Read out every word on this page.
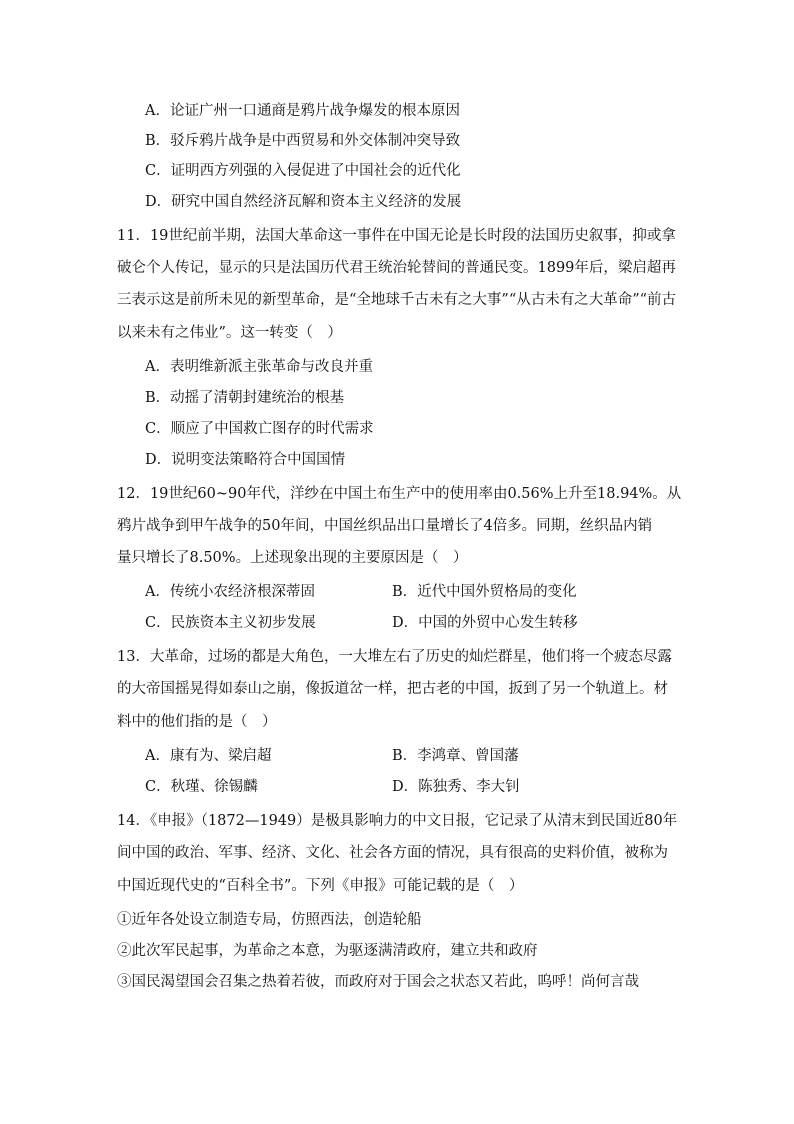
A．论证广州一口通商是鸦片战争爆发的根本原因
B．驳斥鸦片战争是中西贸易和外交体制冲突导致
C．证明西方列强的入侵促进了中国社会的近代化
D．研究中国自然经济瓦解和资本主义经济的发展
11．19世纪前半期，法国大革命这一事件在中国无论是长时段的法国历史叙事，抑或拿
破仑个人传记，显示的只是法国历代君王统治轮替间的普通民变。1899年后，梁启超再
三表示这是前所未见的新型革命，是“全地球千古未有之大事”“从古未有之大革命”“前古
以来未有之伟业”。这一转变（　）
A．表明维新派主张革命与改良并重
B．动摇了清朝封建统治的根基
C．顺应了中国救亡图存的时代需求
D．说明变法策略符合中国国情
12．19世纪60~90年代，洋纱在中国土布生产中的使用率由0.56%上升至18.94%。从
鸦片战争到甲午战争的50年间，中国丝织品出口量增长了4倍多。同期，丝织品内销
量只增长了8.50%。上述现象出现的主要原因是（　）
A．传统小农经济根深蒂固	B．近代中国外贸格局的变化
C．民族资本主义初步发展	D．中国的外贸中心发生转移
13．大革命，过场的都是大角色，一大堆左右了历史的灿烂群星，他们将一个疲态尽露
的大帝国摇晃得如泰山之崩，像扳道岔一样，把古老的中国，扳到了另一个轨道上。材
料中的他们指的是（　）
A．康有为、梁启超	B．李鸿章、曾国藩
C．秋瑾、徐锡麟	D．陈独秀、李大钊
14．《申报》（1872—1949）是极具影响力的中文日报，它记录了从清末到民国近80年
间中国的政治、军事、经济、文化、社会各方面的情况，具有很高的史料价值，被称为
中国近现代史的“百科全书”。下列《申报》可能记载的是（　）
①近年各处设立制造专局，仿照西法，创造轮船
②此次军民起事，为革命之本意，为驱逐满清政府，建立共和政府
③国民渴望国会召集之热着若彼，而政府对于国会之状态又若此，呜呼！尚何言哉
